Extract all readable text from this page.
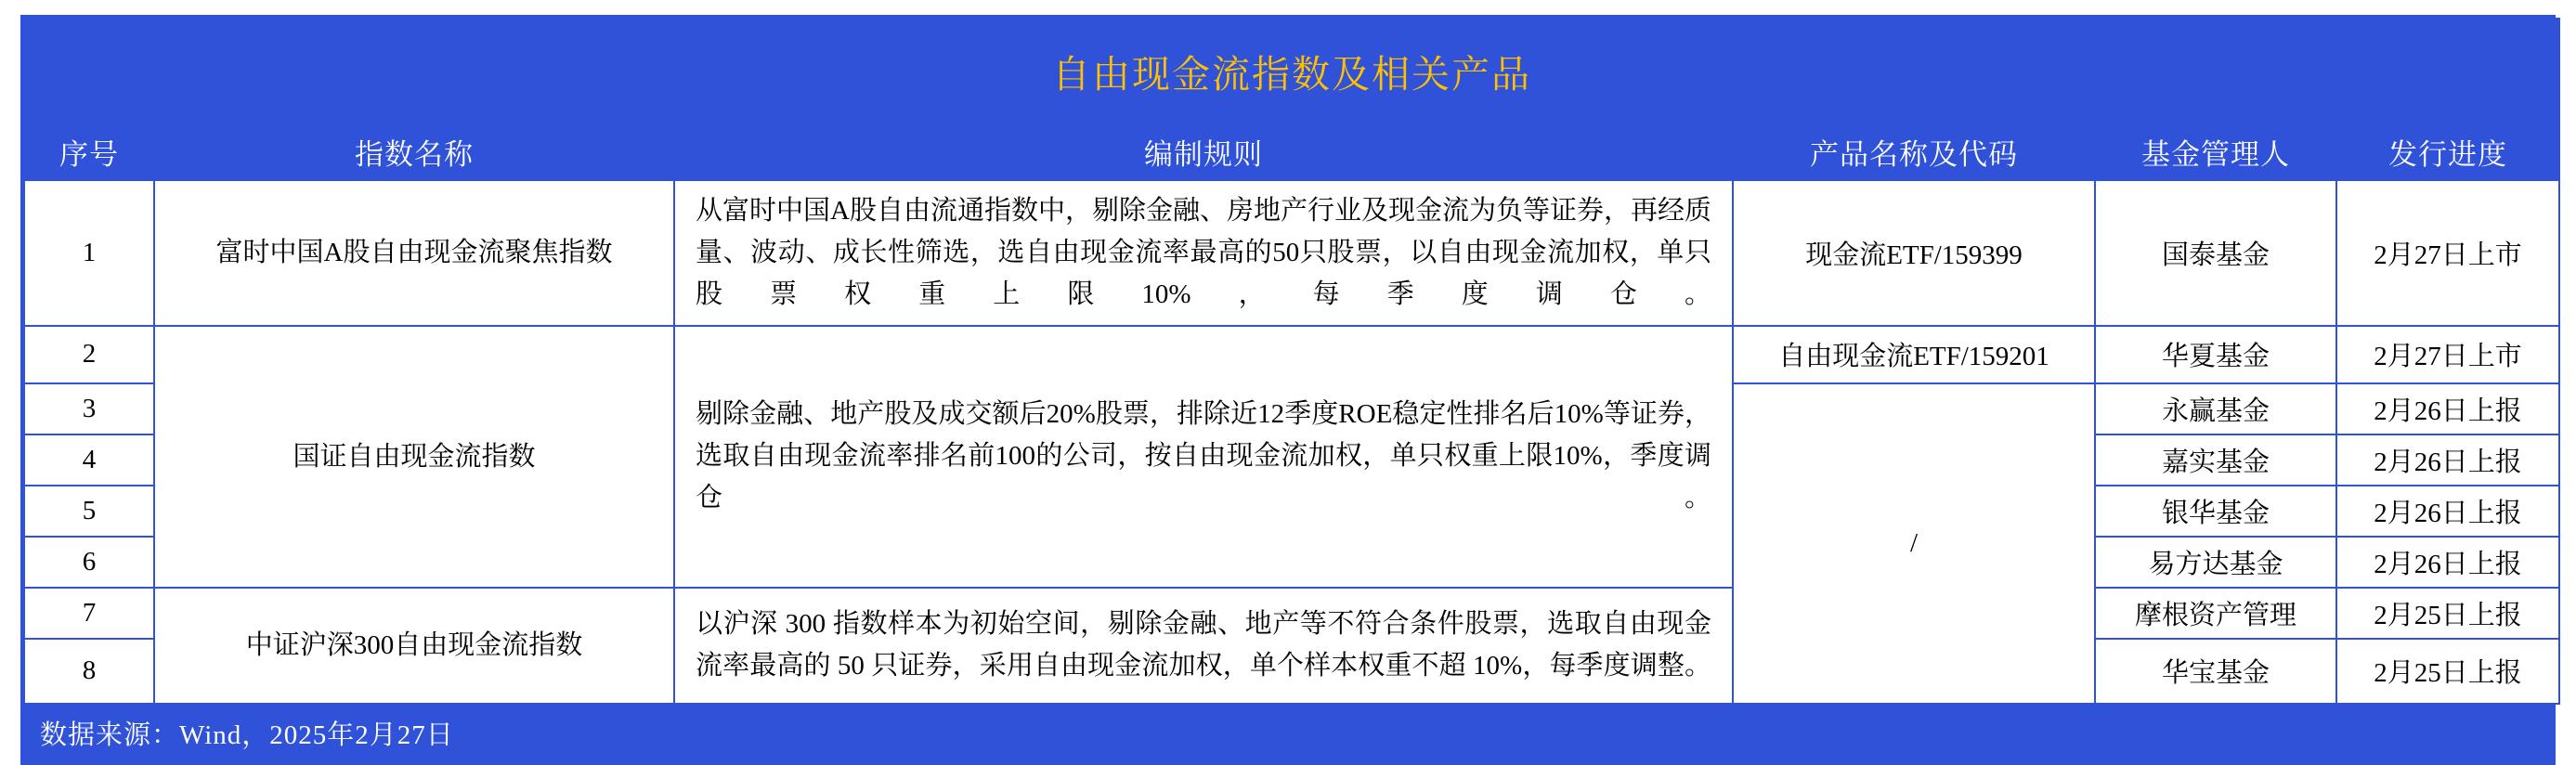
自由现金流指数及相关产品					
序号	指数名称	编制规则	产品名称及代码	基金管理人	发行进度
1	富时中国A股自由现金流聚焦指数	从富时中国A股自由流通指数中，剔除金融、房地产行业及现金流为负等证券，再经质量、波动、成长性筛选，选自由现金流率最高的50只股票，以自由现金流加权，单只股票权重上限10%，每季度调仓。	现金流ETF/159399	国泰基金	2月27日上市
2	国证自由现金流指数	剔除金融、地产股及成交额后20%股票，排除近12季度ROE稳定性排名后10%等证券，选取自由现金流率排名前100的公司，按自由现金流加权，单只权重上限10%，季度调仓。	自由现金流ETF/159201	华夏基金	2月27日上市
3			/	永赢基金	2月26日上报
4				嘉实基金	2月26日上报
5				银华基金	2月26日上报
6				易方达基金	2月26日上报
7	中证沪深300自由现金流指数	以沪深 300 指数样本为初始空间，剔除金融、地产等不符合条件股票，选取自由现金流率最高的 50 只证券，采用自由现金流加权，单个样本权重不超 10%，每季度调整。		摩根资产管理	2月25日上报
8				华宝基金	2月25日上报
数据来源：Wind，2025年2月27日
